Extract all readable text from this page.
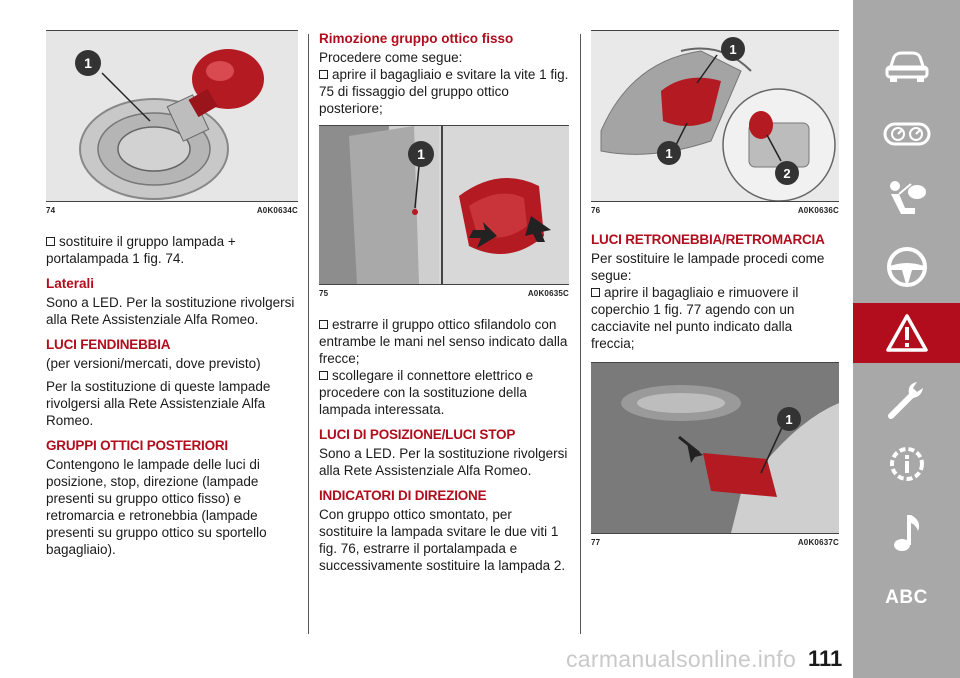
1
74	A0K0634C
sostituire il gruppo lampada + portalampada 1 fig. 74.
Laterali

Sono a LED. Per la sostituzione rivolgersi alla Rete Assistenziale Alfa Romeo.

LUCI FENDINEBBIA

(per versioni/mercati, dove previsto)

Per la sostituzione di queste lampade rivolgersi alla Rete Assistenziale Alfa Romeo.

GRUPPI OTTICI POSTERIORI

Contengono le lampade delle luci di posizione, stop, direzione (lampade presenti su gruppo ottico fisso) e retromarcia e retronebbia (lampade presenti su gruppo ottico su sportello bagagliaio).

Rimozione gruppo ottico fisso

Procedere come segue:

aprire il bagagliaio e svitare la vite 1 fig. 75 di fissaggio del gruppo ottico posteriore;
1
75	A0K0635C
estrarre il gruppo ottico sfilandolo con entrambe le mani nel senso indicato dalla frecce;
scollegare il connettore elettrico e procedere con la sostituzione della lampada interessata.
LUCI DI POSIZIONE/LUCI STOP

Sono a LED. Per la sostituzione rivolgersi alla Rete Assistenziale Alfa Romeo.

INDICATORI DI DIREZIONE

Con gruppo ottico smontato, per sostituire la lampada svitare le due viti 1 fig. 76, estrarre il portalampada e successivamente sostituire la lampada 2.

1
1
2
76	A0K0636C
LUCI RETRONEBBIA/RETROMARCIA

Per sostituire le lampade procedi come segue:

aprire il bagagliaio e rimuovere il coperchio 1 fig. 77 agendo con un cacciavite nel punto indicato dalla freccia;
1
77	A0K0637C
carmanualsonline.info 111
ABC
